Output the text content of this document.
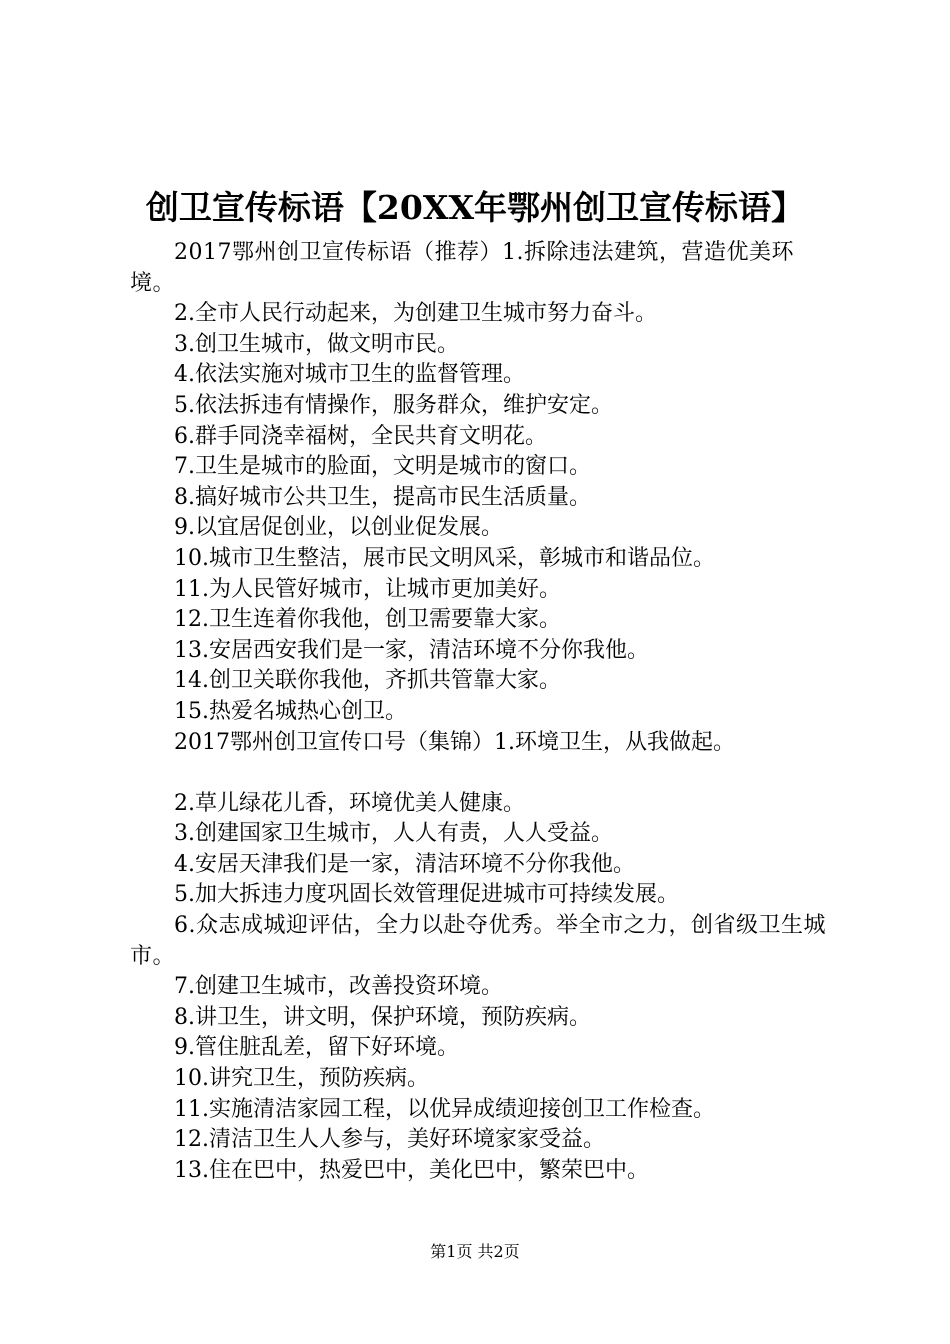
创卫宣传标语【20XX年鄂州创卫宣传标语】

2017鄂州创卫宣传标语（推荐）1.拆除违法建筑，营造优美环境。

2.全市人民行动起来，为创建卫生城市努力奋斗。

3.创卫生城市，做文明市民。

4.依法实施对城市卫生的监督管理。

5.依法拆违有情操作，服务群众，维护安定。

6.群手同浇幸福树，全民共育文明花。

7.卫生是城市的脸面，文明是城市的窗口。

8.搞好城市公共卫生，提高市民生活质量。

9.以宜居促创业，以创业促发展。

10.城市卫生整洁，展市民文明风采，彰城市和谐品位。

11.为人民管好城市，让城市更加美好。

12.卫生连着你我他，创卫需要靠大家。

13.安居西安我们是一家，清洁环境不分你我他。

14.创卫关联你我他，齐抓共管靠大家。

15.热爱名城热心创卫。

2017鄂州创卫宣传口号（集锦）1.环境卫生，从我做起。

2.草儿绿花儿香，环境优美人健康。

3.创建国家卫生城市，人人有责，人人受益。

4.安居天津我们是一家，清洁环境不分你我他。

5.加大拆违力度巩固长效管理促进城市可持续发展。

6.众志成城迎评估，全力以赴夺优秀。举全市之力，创省级卫生城市。

7.创建卫生城市，改善投资环境。

8.讲卫生，讲文明，保护环境，预防疾病。

9.管住脏乱差，留下好环境。

10.讲究卫生，预防疾病。

11.实施清洁家园工程，以优异成绩迎接创卫工作检查。

12.清洁卫生人人参与，美好环境家家受益。

13.住在巴中，热爱巴中，美化巴中，繁荣巴中。

第1页 共2页
